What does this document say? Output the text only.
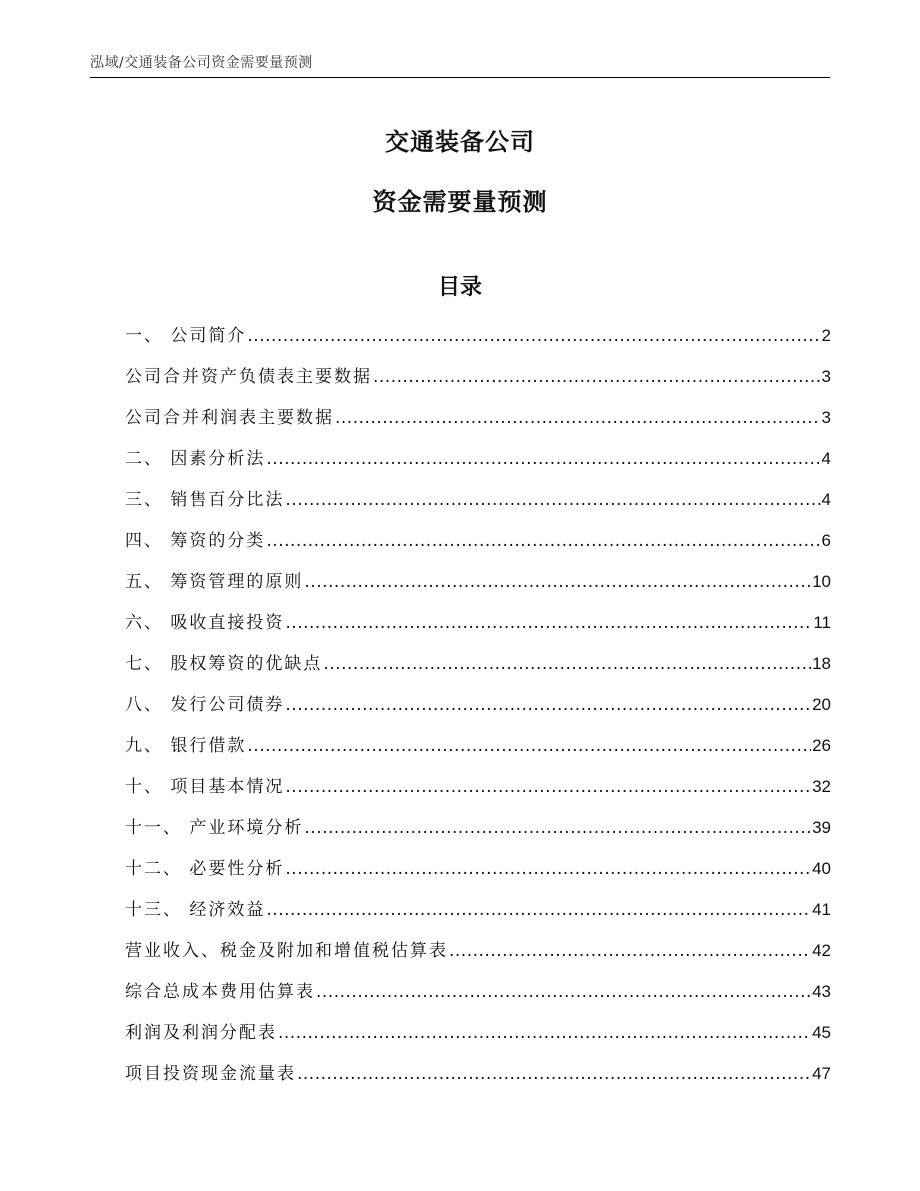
泓域/交通装备公司资金需要量预测
交通装备公司
资金需要量预测
目录
一、 公司简介 .....	2
公司合并资产负债表主要数据 .....	3
公司合并利润表主要数据 .....	3
二、 因素分析法 .....	4
三、 销售百分比法 .....	4
四、 筹资的分类 .....	6
五、 筹资管理的原则 .....	10
六、 吸收直接投资 .....	11
七、 股权筹资的优缺点 .....	18
八、 发行公司债券 .....	20
九、 银行借款 .....	26
十、 项目基本情况 .....	32
十一、 产业环境分析 .....	39
十二、 必要性分析 .....	40
十三、 经济效益 .....	41
营业收入、税金及附加和增值税估算表 .....	42
综合总成本费用估算表 .....	43
利润及利润分配表 .....	45
项目投资现金流量表 .....	47
